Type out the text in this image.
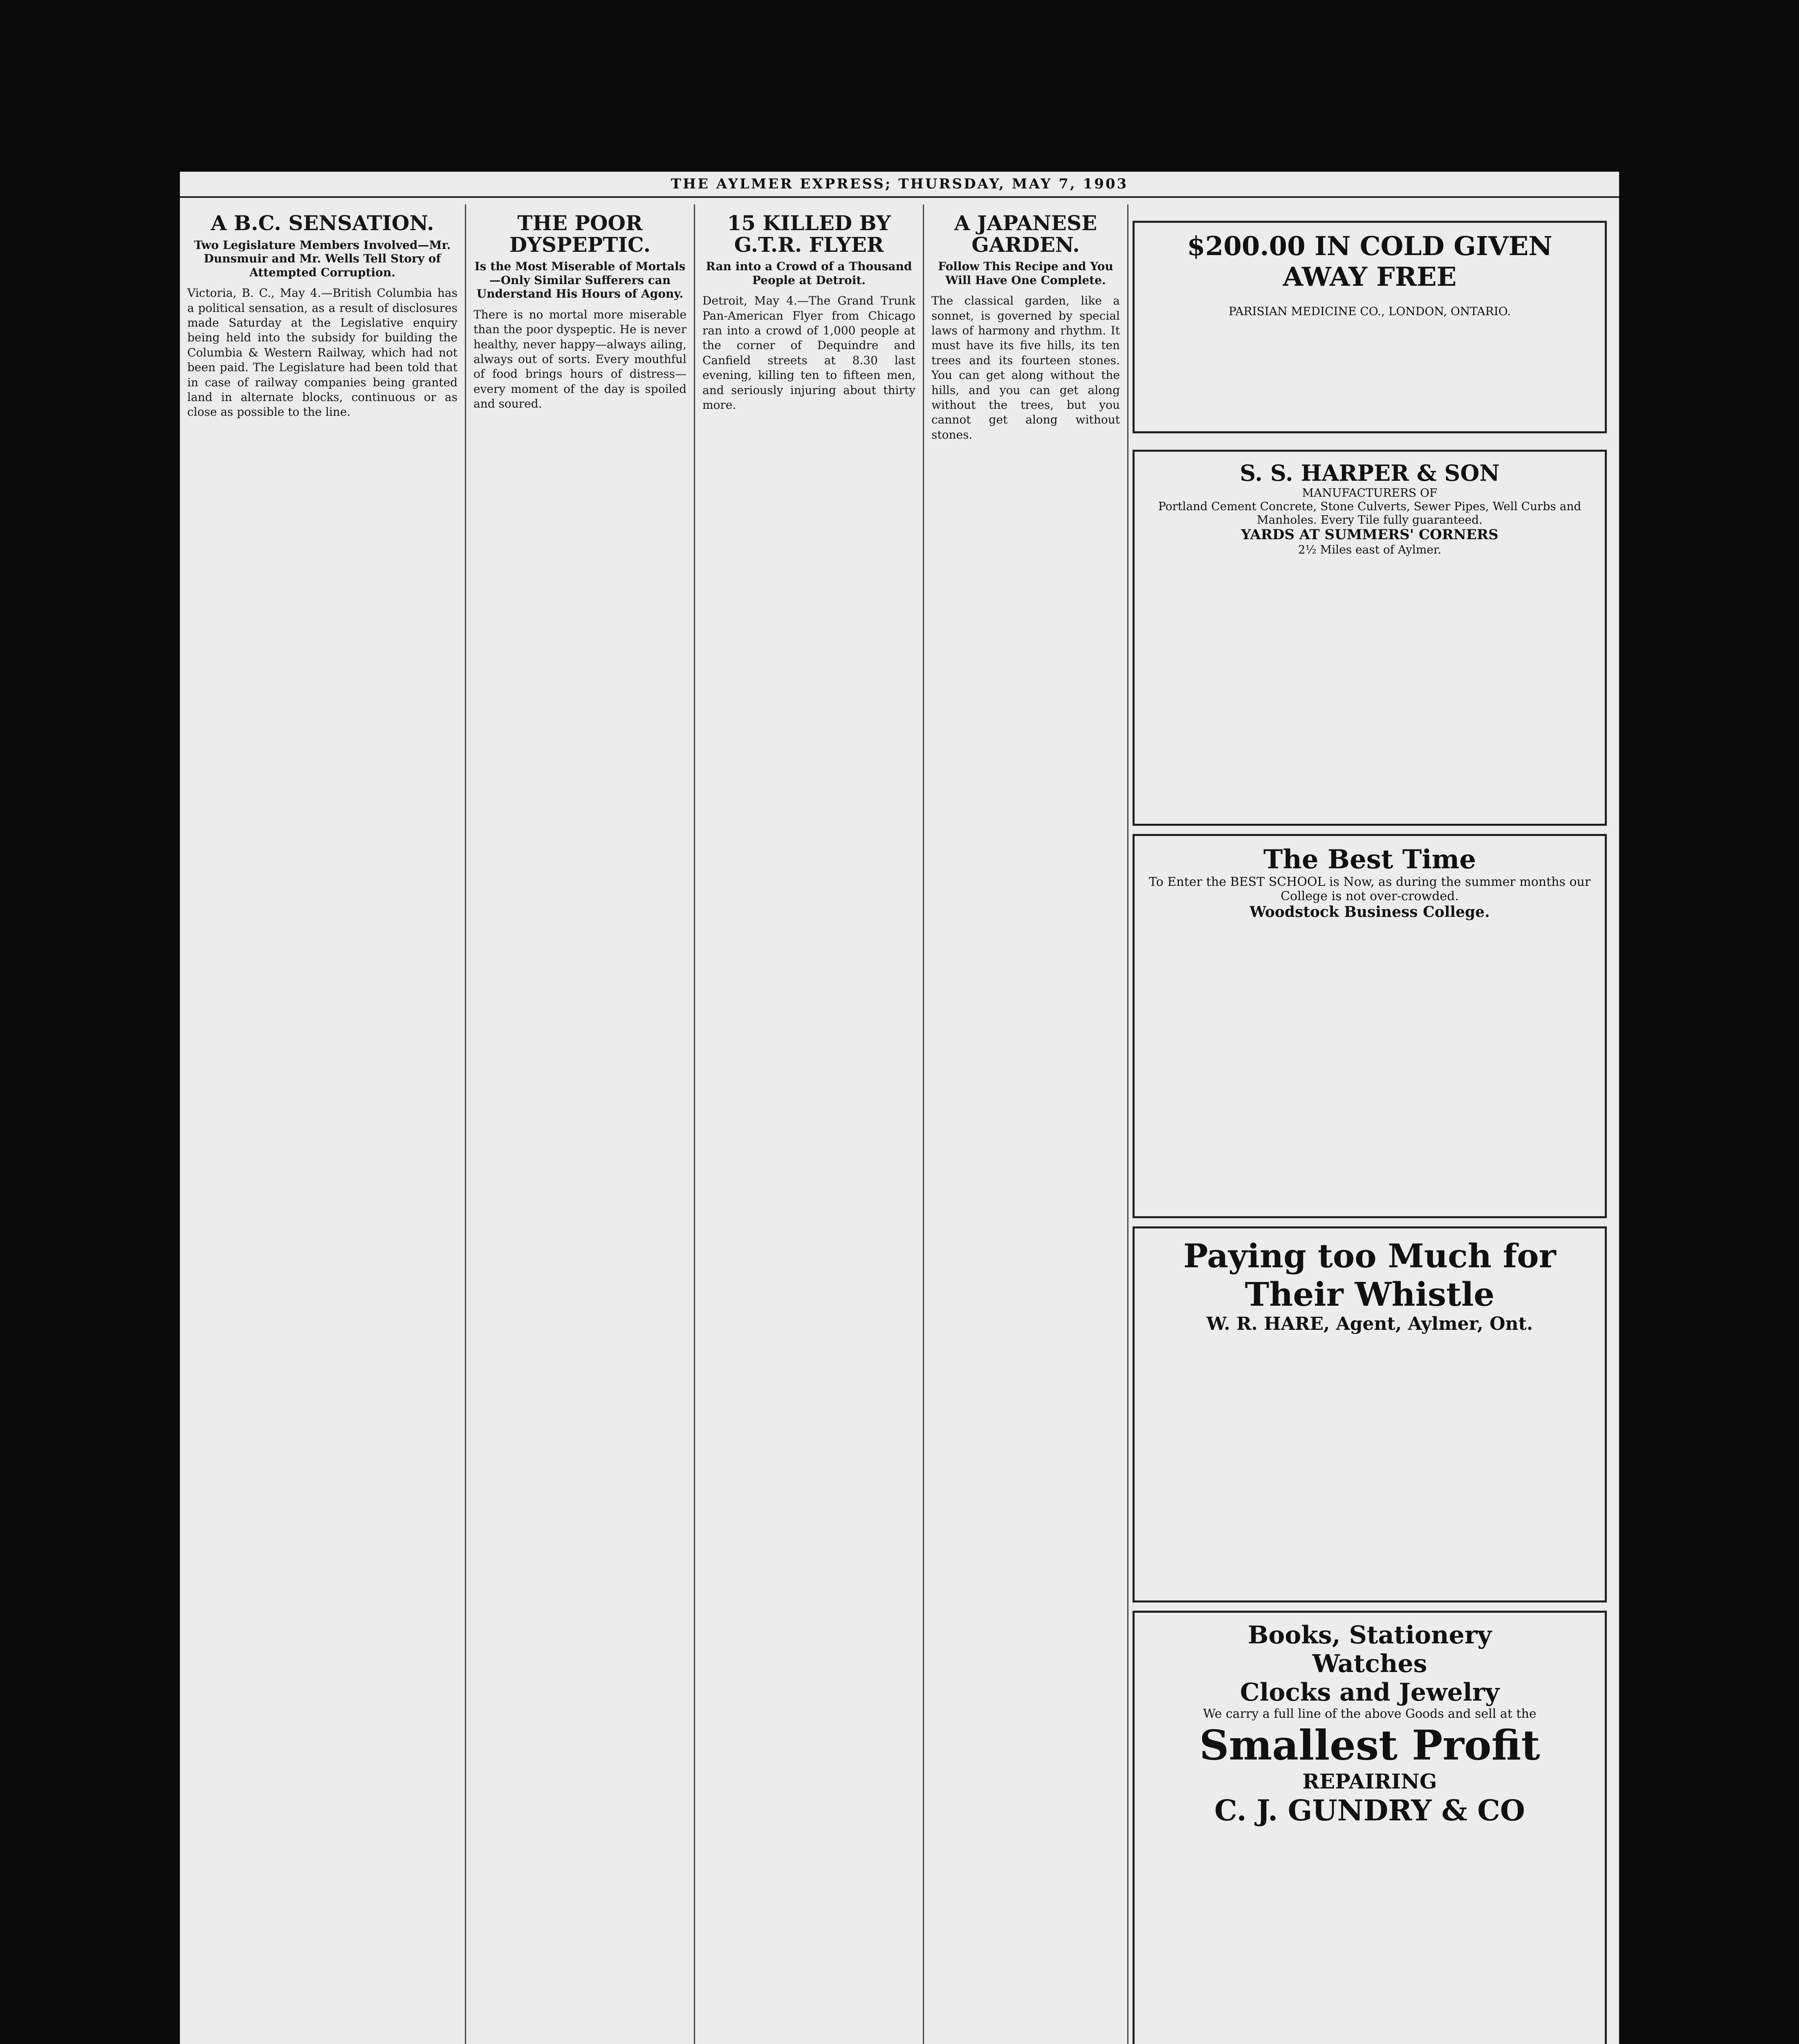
THE AYLMER EXPRESS; THURSDAY, MAY 7, 1903
A B.C. SENSATION.
Two Legislature Members Involved—Mr. Dunsmuir and Mr. Wells Tell Story of Attempted Corruption.

Victoria, B. C., May 4.—British Columbia has a political sensation, as a result of disclosures made Saturday at the Legislative enquiry being held into the subsidy for building the Columbia & Western Railway, which had not been paid. The Legislature had been told that in case of railway companies being granted land in alternate blocks, continuous or as close as possible to the line.

THE POOR DYSPEPTIC.
Is the Most Miserable of Mortals—Only Similar Sufferers can Understand His Hours of Agony.

There is no mortal more miserable than the poor dyspeptic. He is never healthy, never happy—always ailing, always out of sorts. Every mouthful of food brings hours of distress—every moment of the day is spoiled and soured.

15 KILLED BY G.T.R. FLYER
Ran into a Crowd of a Thousand People at Detroit.

Detroit, May 4.—The Grand Trunk Pan-American Flyer from Chicago ran into a crowd of 1,000 people at the corner of Dequindre and Canfield streets at 8.30 last evening, killing ten to fifteen men, and seriously injuring about thirty more.

A JAPANESE GARDEN.
Follow This Recipe and You Will Have One Complete.

The classical garden, like a sonnet, is governed by special laws of harmony and rhythm. It must have its five hills, its ten trees and its fourteen stones. You can get along without the hills, and you can get along without the trees, but you cannot get along without stones.

$200.00 IN COLD GIVEN AWAY FREE
PARISIAN MEDICINE CO., LONDON, ONTARIO.
S. S. HARPER & SON
MANUFACTURERS OF
Portland Cement Concrete, Stone Culverts, Sewer Pipes, Well Curbs and Manholes. Every Tile fully guaranteed.
YARDS AT SUMMERS' CORNERS
2½ Miles east of Aylmer.
The Best Time
To Enter the BEST SCHOOL is Now, as during the summer months our College is not over-crowded.
Woodstock Business College.
Paying too Much for Their Whistle
W. R. HARE, Agent, Aylmer, Ont.
Books, Stationery
Watches
Clocks and Jewelry
We carry a full line of the above Goods and sell at the
Smallest Profit
REPAIRING
C. J. GUNDRY & CO
